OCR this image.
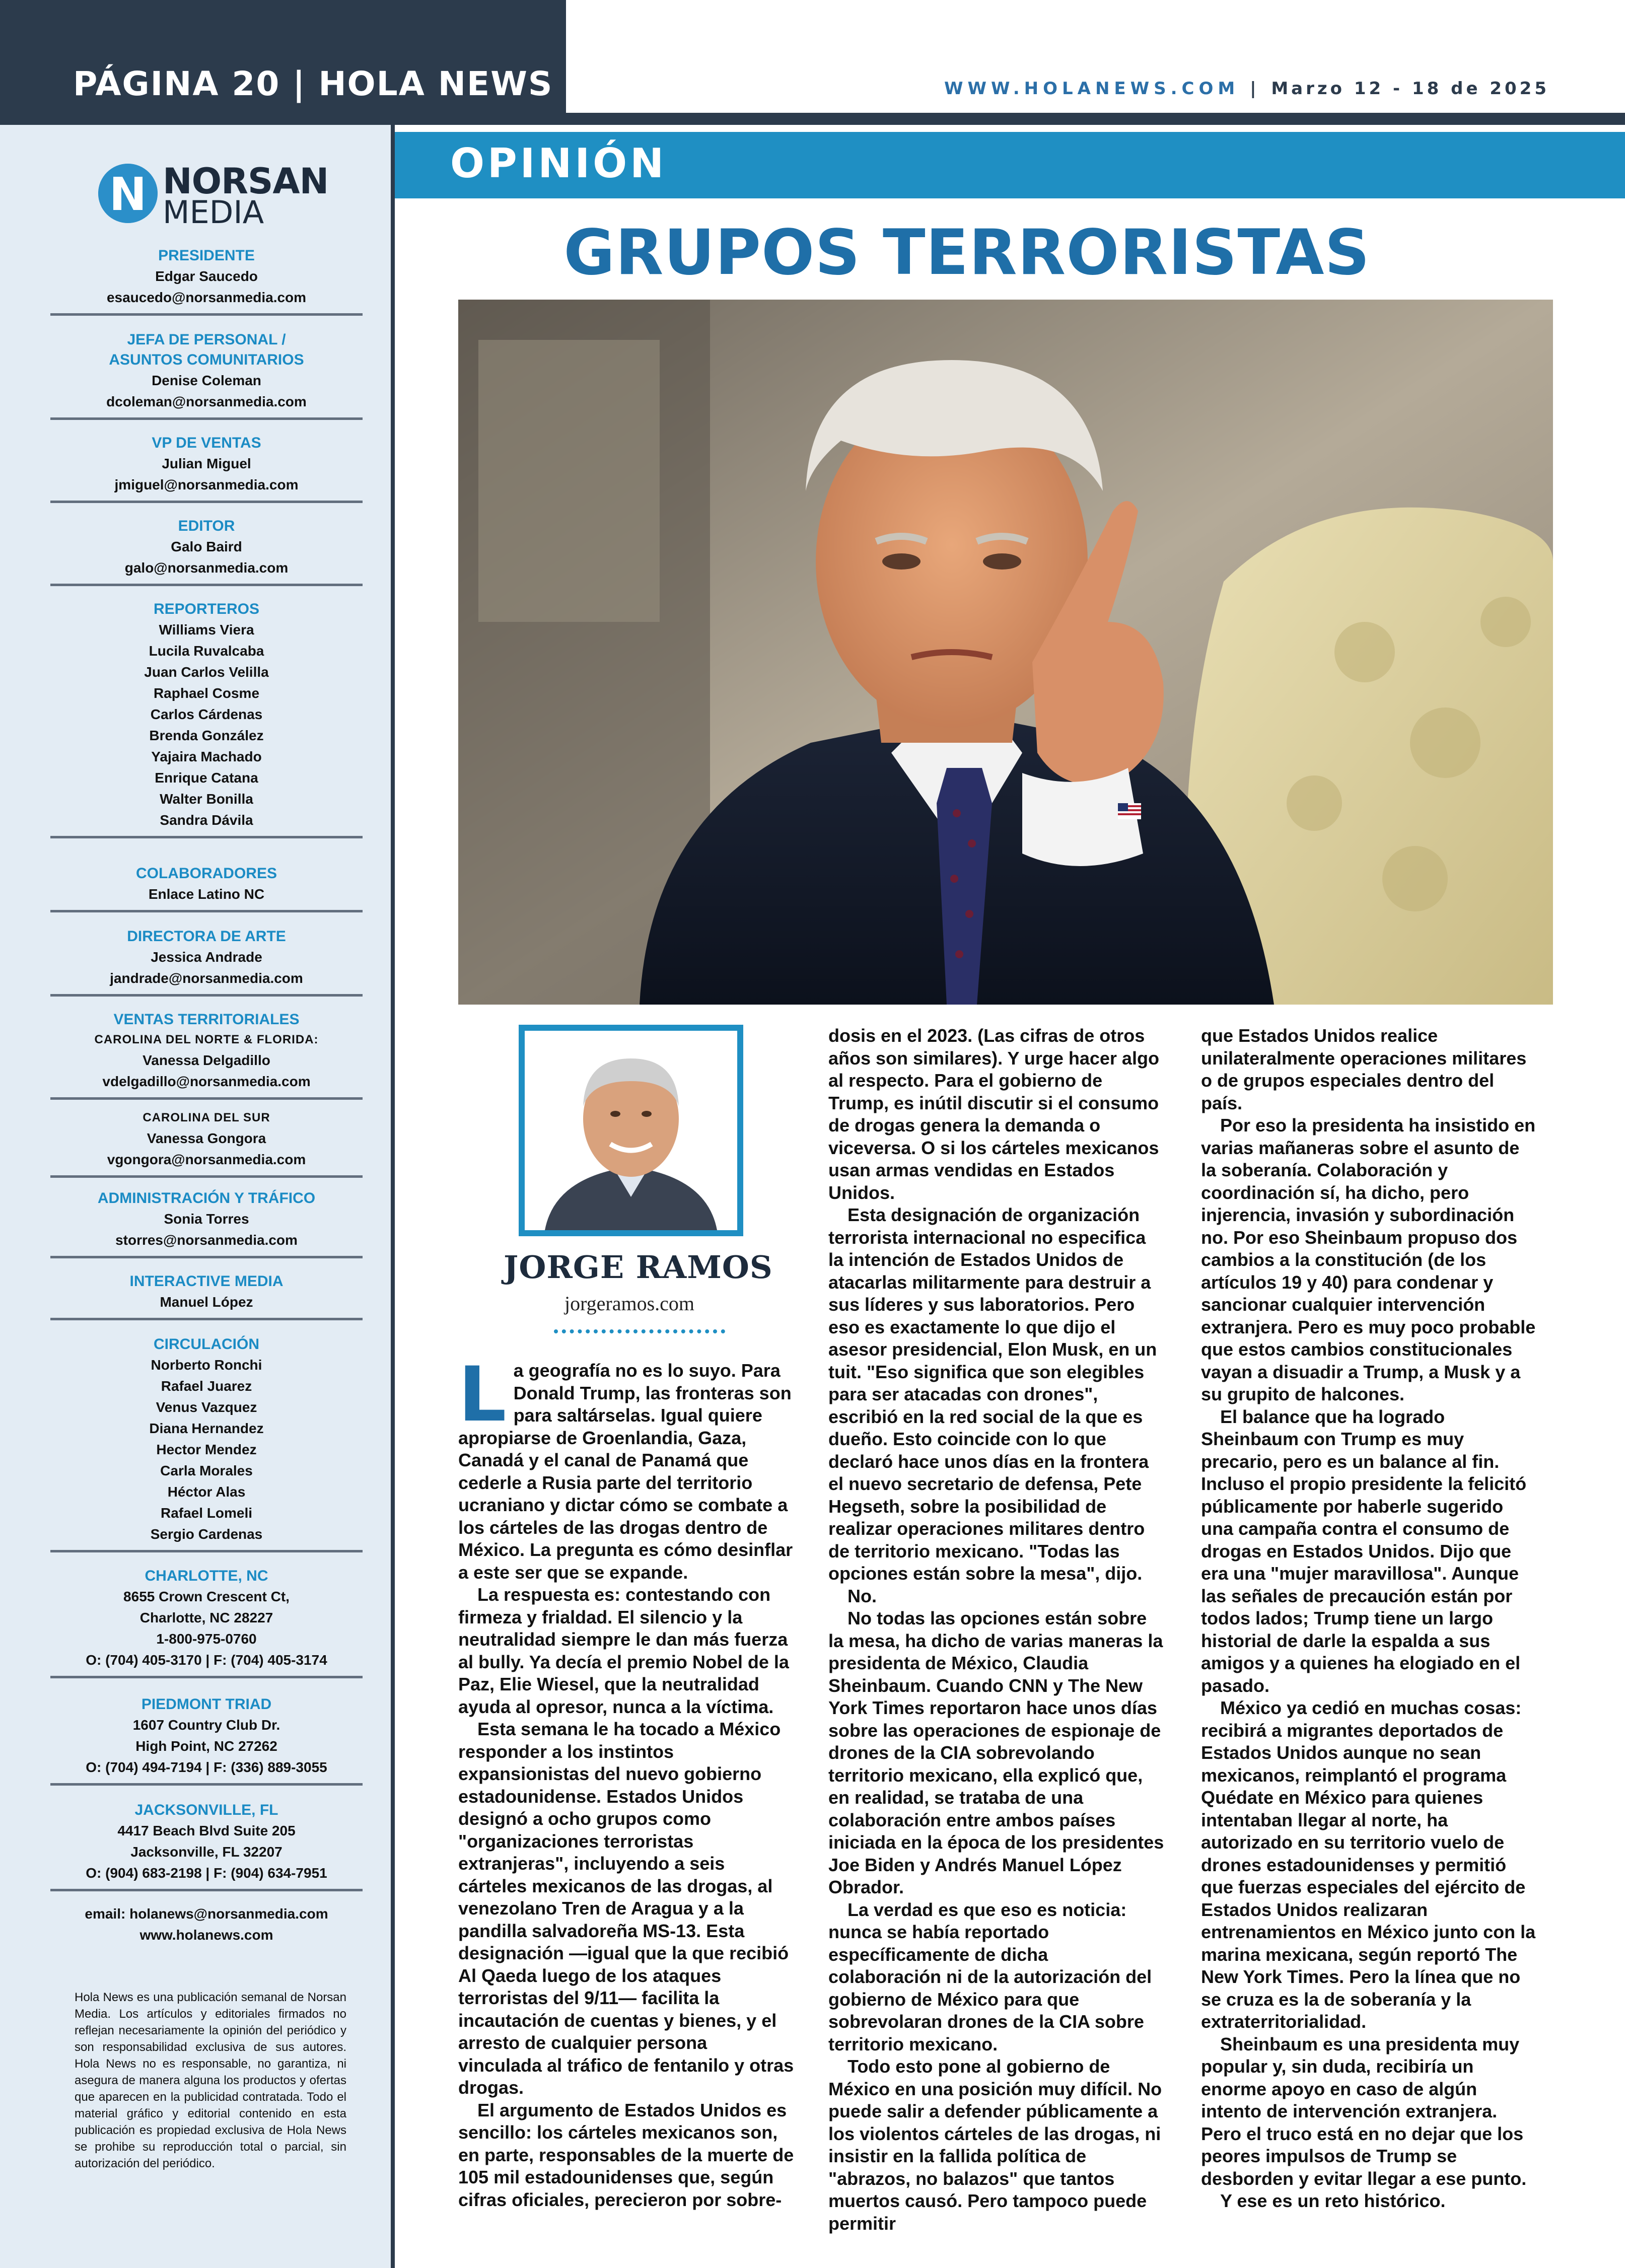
PÁGINA 20 | HOLA NEWS	WWW.HOLANEWS.COM | Marzo 12 - 18 de 2025
NORSAN
MEDIA
PRESIDENTE
Edgar Saucedo
esaucedo@norsanmedia.com
JEFA DE PERSONAL /
ASUNTOS COMUNITARIOS
Denise Coleman
dcoleman@norsanmedia.com
VP DE VENTAS
Julian Miguel
jmiguel@norsanmedia.com
EDITOR
Galo Baird
galo@norsanmedia.com
REPORTEROS
Williams Viera
Lucila Ruvalcaba
Juan Carlos Velilla
Raphael Cosme
Carlos Cárdenas
Brenda González
Yajaira Machado
Enrique Catana
Walter Bonilla
Sandra Dávila
COLABORADORES
Enlace Latino NC
DIRECTORA DE ARTE
Jessica Andrade
jandrade@norsanmedia.com
VENTAS TERRITORIALES
CAROLINA DEL NORTE & FLORIDA:
Vanessa Delgadillo
vdelgadillo@norsanmedia.com
CAROLINA DEL SUR
Vanessa Gongora
vgongora@norsanmedia.com
ADMINISTRACIÓN Y TRÁFICO
Sonia Torres
storres@norsanmedia.com
INTERACTIVE MEDIA
Manuel López
CIRCULACIÓN
Norberto Ronchi
Rafael Juarez
Venus Vazquez
Diana Hernandez
Hector Mendez
Carla Morales
Héctor Alas
Rafael Lomeli
Sergio Cardenas
CHARLOTTE, NC
8655 Crown Crescent Ct,
Charlotte, NC 28227
1-800-975-0760
O: (704) 405-3170 | F: (704) 405-3174
PIEDMONT TRIAD
1607 Country Club Dr.
High Point, NC 27262
O: (704) 494-7194 | F: (336) 889-3055
JACKSONVILLE, FL
4417 Beach Blvd Suite 205
Jacksonville, FL 32207
O: (904) 683-2198 | F: (904) 634-7951
email: holanews@norsanmedia.com
www.holanews.com
Hola News es una publicación semanal de Norsan Media. Los artículos y editoriales firmados no reflejan necesariamente la opinión del periódico y son responsabilidad exclusiva de sus autores. Hola News no es responsable, no garantiza, ni asegura de manera alguna los productos y ofertas que aparecen en la publicidad contratada. Todo el material gráfico y editorial contenido en esta publicación es propiedad exclusiva de Hola News se prohibe su reproducción total o parcial, sin autorización del periódico.
OPINIÓN
GRUPOS TERRORISTAS
JORGE RAMOS
jorgeramos.com
L a geografía no es lo suyo. Para Donald Trump, las fronteras son para saltárselas. Igual quiere apropiarse de Groenlandia, Gaza, Canadá y el canal de Panamá que cederle a Rusia parte del territorio ucraniano y dictar cómo se combate a los cárteles de las drogas dentro de México. La pregunta es cómo desinflar a este ser que se expande.

La respuesta es: contestando con firmeza y frialdad. El silencio y la neutralidad siempre le dan más fuerza al bully. Ya decía el premio Nobel de la Paz, Elie Wiesel, que la neutralidad ayuda al opresor, nunca a la víctima.

Esta semana le ha tocado a México responder a los instintos expansionistas del nuevo gobierno estadounidense. Estados Unidos designó a ocho grupos como "organizaciones terroristas extranjeras", incluyendo a seis cárteles mexicanos de las drogas, al venezolano Tren de Aragua y a la pandilla salvadoreña MS-13. Esta designación —igual que la que recibió Al Qaeda luego de los ataques terroristas del 9/11— facilita la incautación de cuentas y bienes, y el arresto de cualquier persona vinculada al tráfico de fentanilo y otras drogas.

El argumento de Estados Unidos es sencillo: los cárteles mexicanos son, en parte, responsables de la muerte de 105 mil estadounidenses que, según cifras oficiales, perecieron por sobre-

dosis en el 2023. (Las cifras de otros años son similares). Y urge hacer algo al respecto. Para el gobierno de Trump, es inútil discutir si el consumo de drogas genera la demanda o viceversa. O si los cárteles mexicanos usan armas vendidas en Estados Unidos.

Esta designación de organización terrorista internacional no especifica la intención de Estados Unidos de atacarlas militarmente para destruir a sus líderes y sus laboratorios. Pero eso es exactamente lo que dijo el asesor presidencial, Elon Musk, en un tuit. "Eso significa que son elegibles para ser atacadas con drones", escribió en la red social de la que es dueño. Esto coincide con lo que declaró hace unos días en la frontera el nuevo secretario de defensa, Pete Hegseth, sobre la posibilidad de realizar operaciones militares dentro de territorio mexicano. "Todas las opciones están sobre la mesa", dijo.

No.

No todas las opciones están sobre la mesa, ha dicho de varias maneras la presidenta de México, Claudia Sheinbaum. Cuando CNN y The New York Times reportaron hace unos días sobre las operaciones de espionaje de drones de la CIA sobrevolando territorio mexicano, ella explicó que, en realidad, se trataba de una colaboración entre ambos países iniciada en la época de los presidentes Joe Biden y Andrés Manuel López Obrador.

La verdad es que eso es noticia: nunca se había reportado específicamente de dicha colaboración ni de la autorización del gobierno de México para que sobrevolaran drones de la CIA sobre territorio mexicano.

Todo esto pone al gobierno de México en una posición muy difícil. No puede salir a defender públicamente a los violentos cárteles de las drogas, ni insistir en la fallida política de "abrazos, no balazos" que tantos muertos causó. Pero tampoco puede permitir

que Estados Unidos realice unilateralmente operaciones militares o de grupos especiales dentro del país.

Por eso la presidenta ha insistido en varias mañaneras sobre el asunto de la soberanía. Colaboración y coordinación sí, ha dicho, pero injerencia, invasión y subordinación no. Por eso Sheinbaum propuso dos cambios a la constitución (de los artículos 19 y 40) para condenar y sancionar cualquier intervención extranjera. Pero es muy poco probable que estos cambios constitucionales vayan a disuadir a Trump, a Musk y a su grupito de halcones.

El balance que ha logrado Sheinbaum con Trump es muy precario, pero es un balance al fin. Incluso el propio presidente la felicitó públicamente por haberle sugerido una campaña contra el consumo de drogas en Estados Unidos. Dijo que era una "mujer maravillosa". Aunque las señales de precaución están por todos lados; Trump tiene un largo historial de darle la espalda a sus amigos y a quienes ha elogiado en el pasado.

México ya cedió en muchas cosas: recibirá a migrantes deportados de Estados Unidos aunque no sean mexicanos, reimplantó el programa Quédate en México para quienes intentaban llegar al norte, ha autorizado en su territorio vuelo de drones estadounidenses y permitió que fuerzas especiales del ejército de Estados Unidos realizaran entrenamientos en México junto con la marina mexicana, según reportó The New York Times. Pero la línea que no se cruza es la de soberanía y la extraterritorialidad.

Sheinbaum es una presidenta muy popular y, sin duda, recibiría un enorme apoyo en caso de algún intento de intervención extranjera. Pero el truco está en no dejar que los peores impulsos de Trump se desborden y evitar llegar a ese punto.

Y ese es un reto histórico.
